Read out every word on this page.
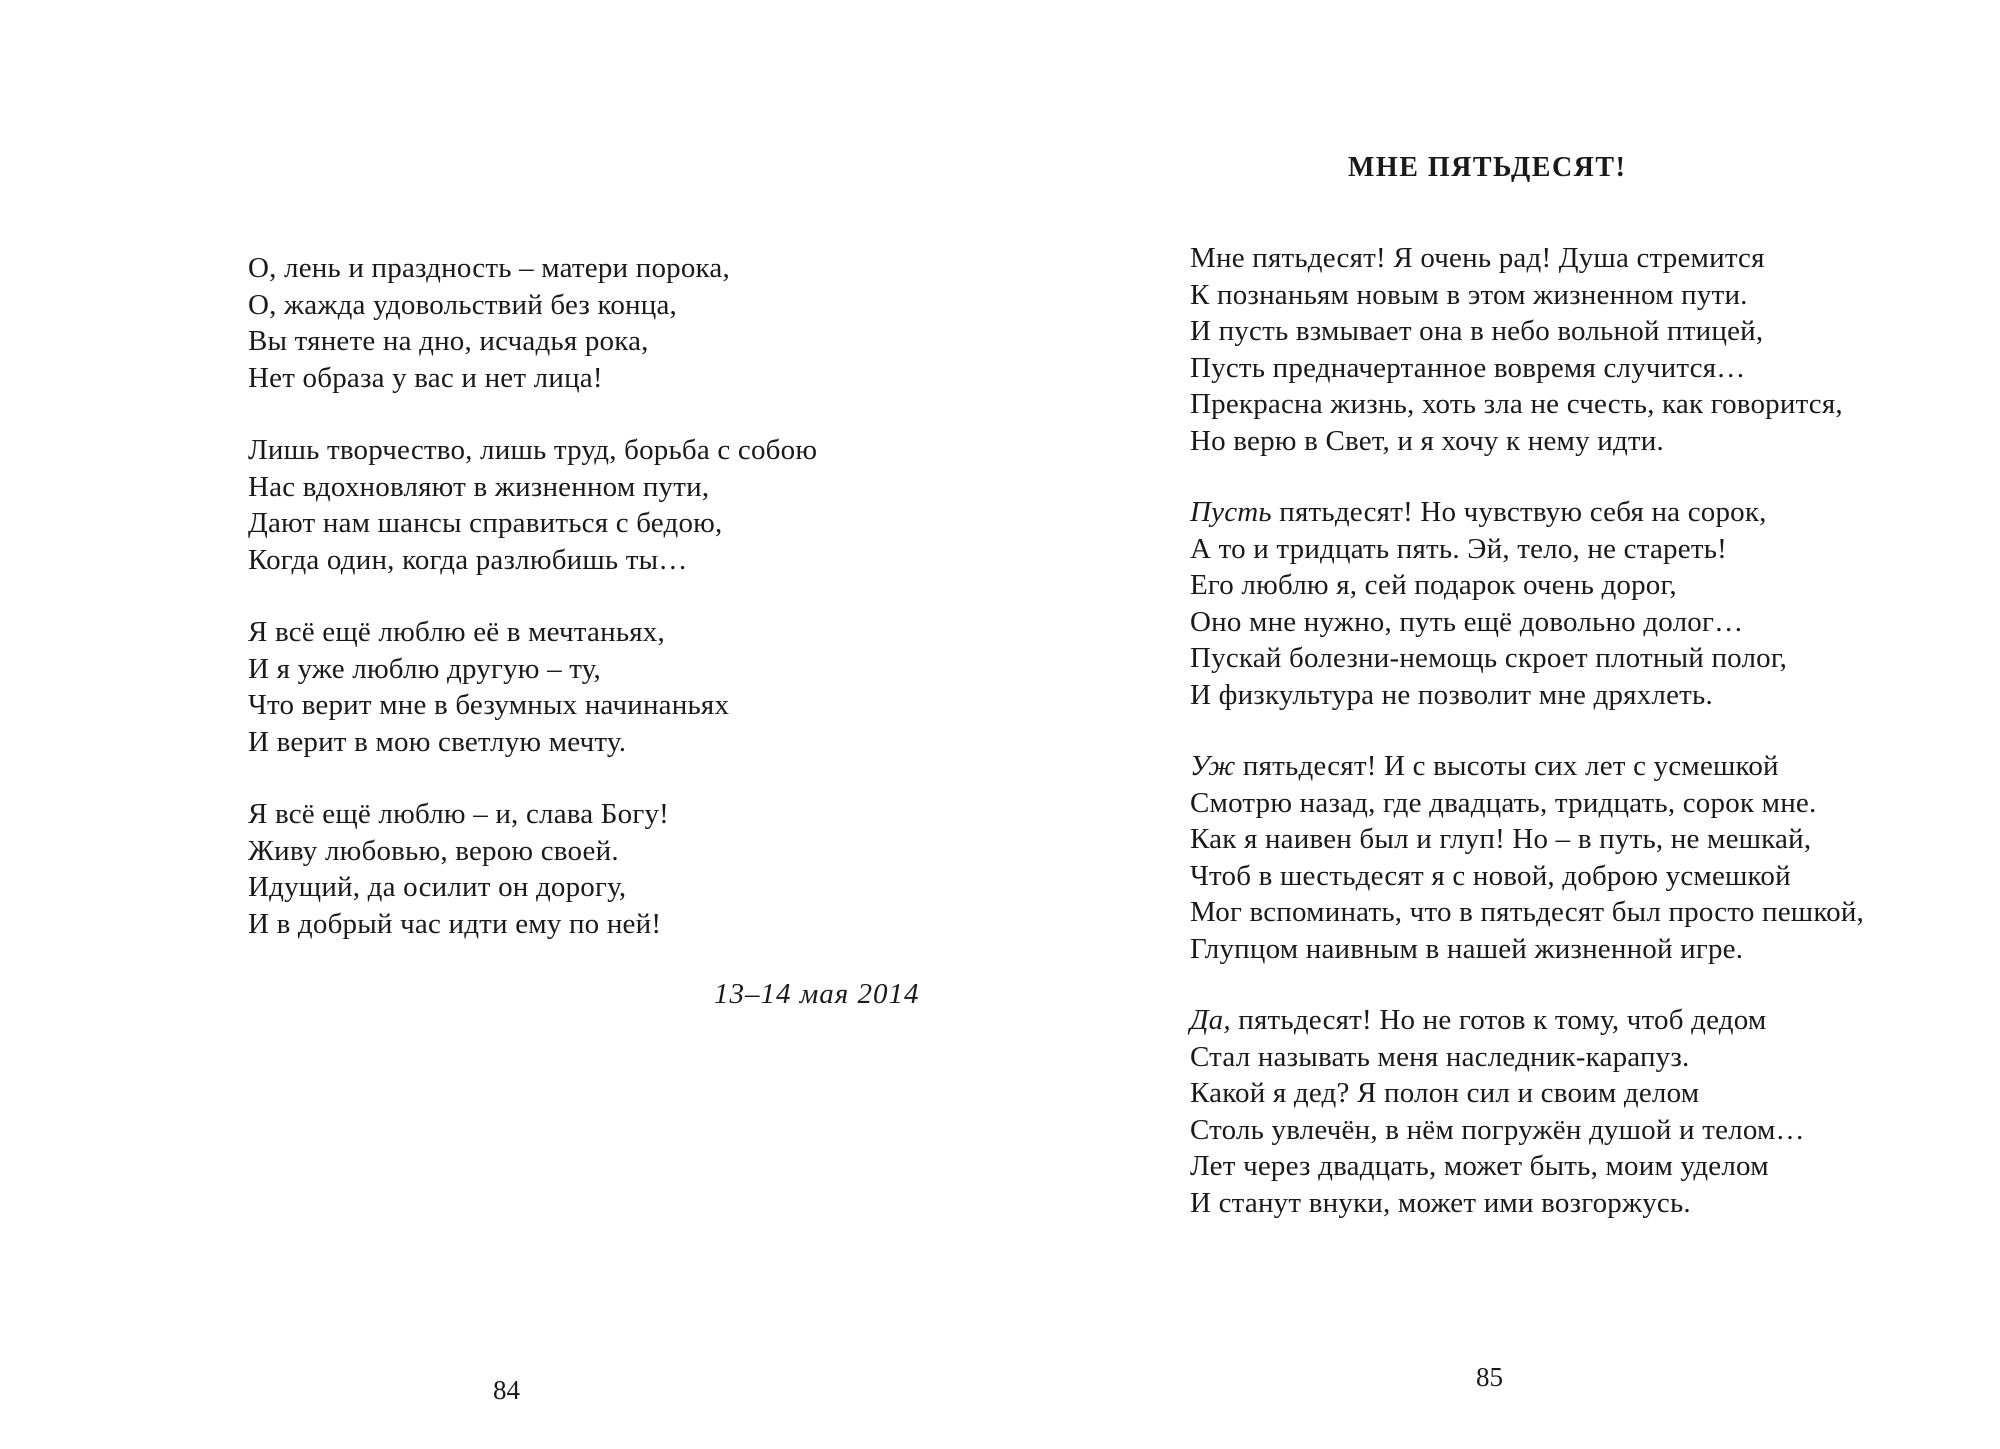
О, лень и праздность – матери порока,
О, жажда удовольствий без конца,
Вы тянете на дно, исчадья рока,
Нет образа у вас и нет лица!
Лишь творчество, лишь труд, борьба с собою
Нас вдохновляют в жизненном пути,
Дают нам шансы справиться с бедою,
Когда один, когда разлюбишь ты…
Я всё ещё люблю её в мечтаньях,
И я уже люблю другую – ту,
Что верит мне в безумных начинаньях
И верит в мою светлую мечту.
Я всё ещё люблю – и, слава Богу!
Живу любовью, верою своей.
Идущий, да осилит он дорогу,
И в добрый час идти ему по ней!
13–14 мая 2014
84
МНЕ ПЯТЬДЕСЯТ!
Мне пятьдесят! Я очень рад! Душа стремится
К познаньям новым в этом жизненном пути.
И пусть взмывает она в небо вольной птицей,
Пусть предначертанное вовремя случится…
Прекрасна жизнь, хоть зла не счесть, как говорится,
Но верю в Свет, и я хочу к нему идти.
Пусть пятьдесят! Но чувствую себя на сорок,
А то и тридцать пять. Эй, тело, не стареть!
Его люблю я, сей подарок очень дорог,
Оно мне нужно, путь ещё довольно долог…
Пускай болезни-немощь скроет плотный полог,
И физкультура не позволит мне дряхлеть.
Уж пятьдесят! И с высоты сих лет с усмешкой
Смотрю назад, где двадцать, тридцать, сорок мне.
Как я наивен был и глуп! Но – в путь, не мешкай,
Чтоб в шестьдесят я с новой, доброю усмешкой
Мог вспоминать, что в пятьдесят был просто пешкой,
Глупцом наивным в нашей жизненной игре.
Да, пятьдесят! Но не готов к тому, чтоб дедом
Стал называть меня наследник-карапуз.
Какой я дед? Я полон сил и своим делом
Столь увлечён, в нём погружён душой и телом…
Лет через двадцать, может быть, моим уделом
И станут внуки, может ими возгоржусь.
85
